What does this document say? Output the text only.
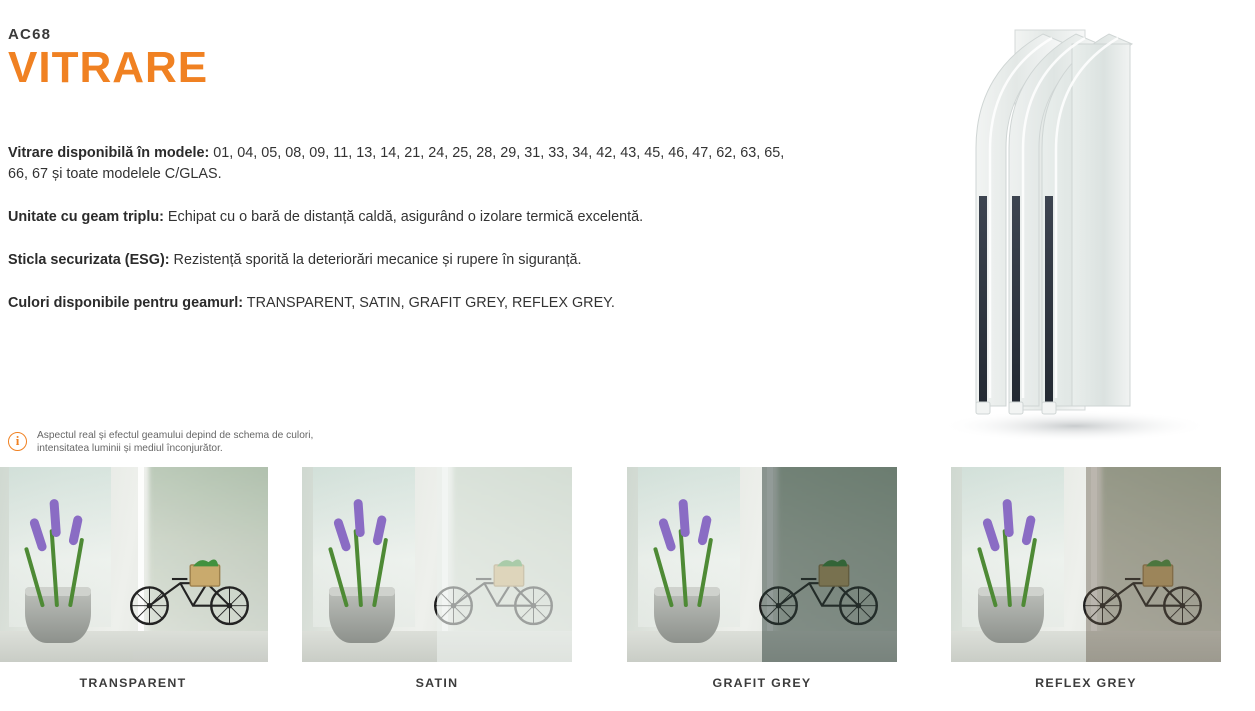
AC68
VITRARE

Vitrare disponibilă în modele: 01, 04, 05, 08, 09, 11, 13, 14, 21, 24, 25, 28, 29, 31, 33, 34, 42, 43, 45, 46, 47, 62, 63, 65, 66, 67 și toate modelele C/GLAS.

Unitate cu geam triplu: Echipat cu o bară de distanță caldă, asigurând o izolare termică excelentă.

Sticla securizata (ESG): Rezistență sporită la deteriorări mecanice și rupere în siguranță.

Culori disponibile pentru geamurl: TRANSPARENT, SATIN, GRAFIT GREY, REFLEX GREY.

i	Aspectul real și efectul geamului depind de schema de culori,
intensitatea luminii și mediul înconjurător.
TRANSPARENT	SATIN	GRAFIT GREY	REFLEX GREY
